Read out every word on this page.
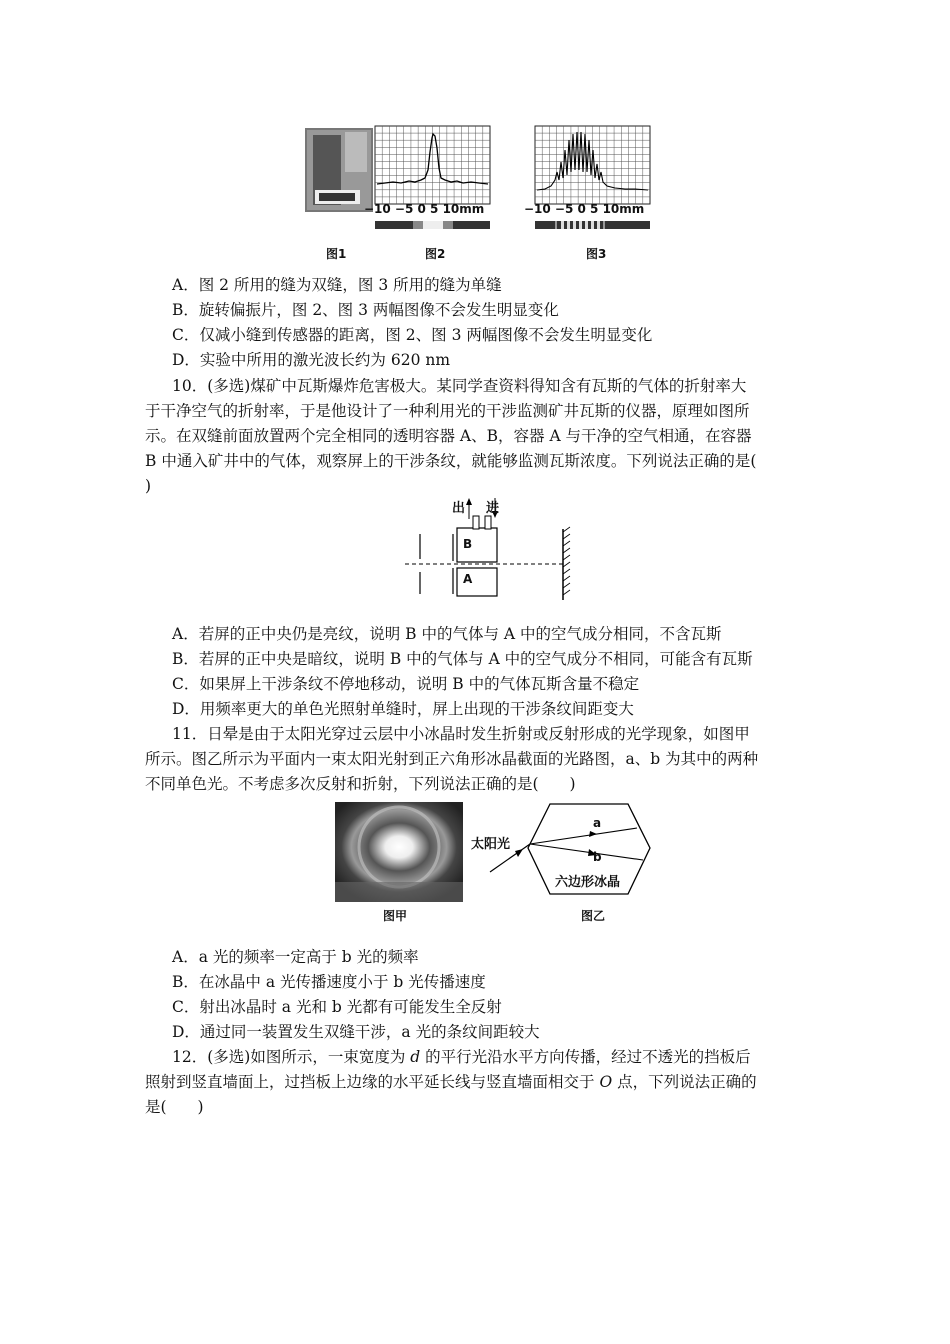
−10 −5 0 5 10mm	−10 −5 0 5 10mm
图1	图2	图3
A．图 2 所用的缝为双缝，图 3 所用的缝为单缝
B．旋转偏振片，图 2、图 3 两幅图像不会发生明显变化
C．仅减小缝到传感器的距离，图 2、图 3 两幅图像不会发生明显变化
D．实验中所用的激光波长约为 620 nm
10．(多选)煤矿中瓦斯爆炸危害极大。某同学查资料得知含有瓦斯的气体的折射率大
于干净空气的折射率，于是他设计了一种利用光的干涉监测矿井瓦斯的仪器，原理如图所
示。在双缝前面放置两个完全相同的透明容器 A、B，容器 A 与干净的空气相通，在容器
B 中通入矿井中的气体，观察屏上的干涉条纹，就能够监测瓦斯浓度。下列说法正确的是(
)
出 进
B
A
A．若屏的正中央仍是亮纹，说明 B 中的气体与 A 中的空气成分相同，不含瓦斯
B．若屏的正中央是暗纹，说明 B 中的气体与 A 中的空气成分不相同，可能含有瓦斯
C．如果屏上干涉条纹不停地移动，说明 B 中的气体瓦斯含量不稳定
D．用频率更大的单色光照射单缝时，屏上出现的干涉条纹间距变大
11．日晕是由于太阳光穿过云层中小冰晶时发生折射或反射形成的光学现象，如图甲
所示。图乙所示为平面内一束太阳光射到正六角形冰晶截面的光路图，a、b 为其中的两种
不同单色光。不考虑多次反射和折射，下列说法正确的是(　　)
太阳光
a
b
六边形冰晶
图甲	图乙
A．a 光的频率一定高于 b 光的频率
B．在冰晶中 a 光传播速度小于 b 光传播速度
C．射出冰晶时 a 光和 b 光都有可能发生全反射
D．通过同一装置发生双缝干涉，a 光的条纹间距较大
12．(多选)如图所示，一束宽度为 d 的平行光沿水平方向传播，经过不透光的挡板后
照射到竖直墙面上，过挡板上边缘的水平延长线与竖直墙面相交于 O 点，下列说法正确的
是(　　)
